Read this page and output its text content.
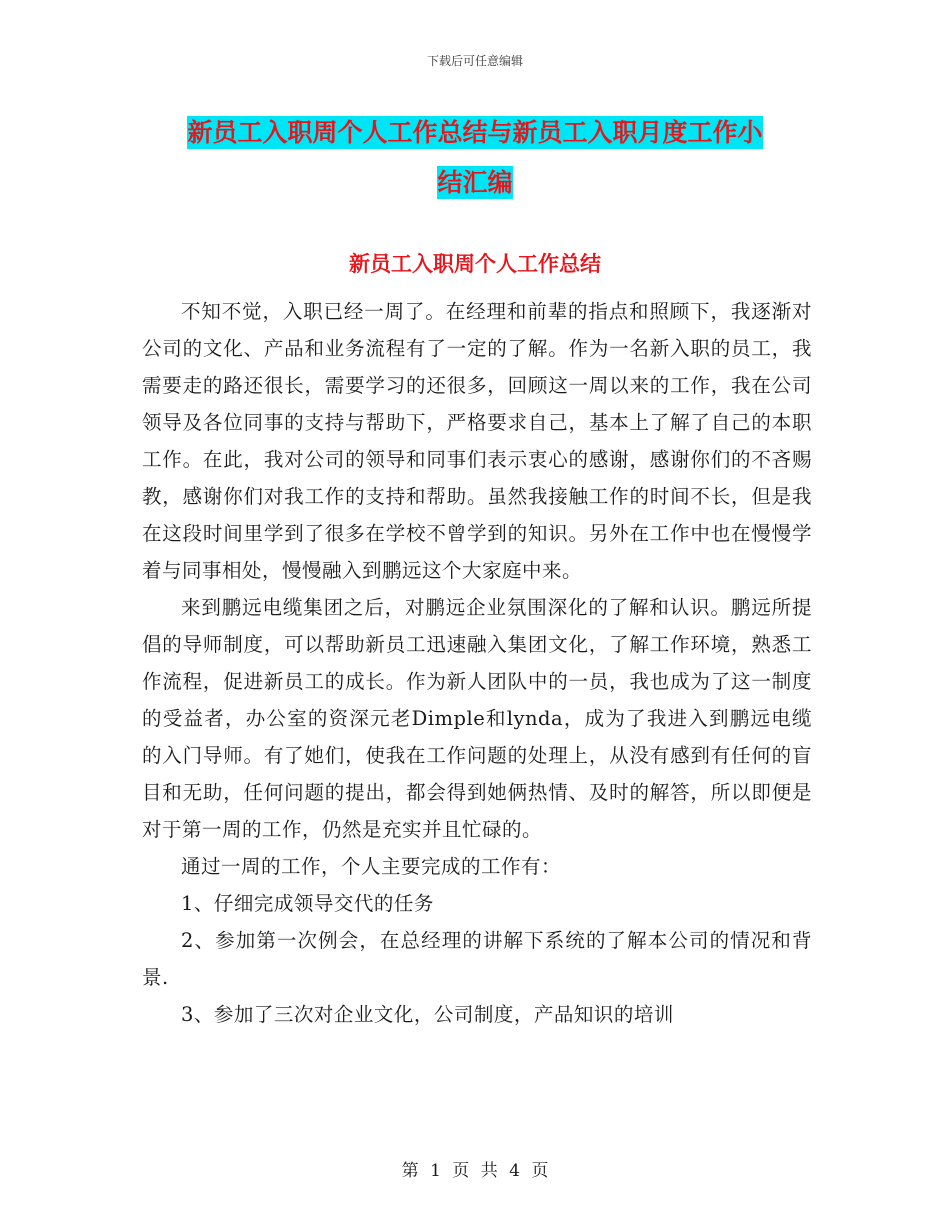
下载后可任意编辑
新员工入职周个人工作总结与新员工入职月度工作小
结汇编
新员工入职周个人工作总结

不知不觉，入职已经一周了。在经理和前辈的指点和照顾下，我逐渐对公司的文化、产品和业务流程有了一定的了解。作为一名新入职的员工，我需要走的路还很长，需要学习的还很多，回顾这一周以来的工作，我在公司领导及各位同事的支持与帮助下，严格要求自己，基本上了解了自己的本职工作。在此，我对公司的领导和同事们表示衷心的感谢，感谢你们的不吝赐教，感谢你们对我工作的支持和帮助。虽然我接触工作的时间不长，但是我在这段时间里学到了很多在学校不曾学到的知识。另外在工作中也在慢慢学着与同事相处，慢慢融入到鹏远这个大家庭中来。

来到鹏远电缆集团之后，对鹏远企业氛围深化的了解和认识。鹏远所提倡的导师制度，可以帮助新员工迅速融入集团文化，了解工作环境，熟悉工作流程，促进新员工的成长。作为新人团队中的一员，我也成为了这一制度的受益者，办公室的资深元老Dimple和lynda，成为了我进入到鹏远电缆的入门导师。有了她们，使我在工作问题的处理上，从没有感到有任何的盲目和无助，任何问题的提出，都会得到她俩热情、及时的解答，所以即便是对于第一周的工作，仍然是充实并且忙碌的。

通过一周的工作，个人主要完成的工作有：

1、仔细完成领导交代的任务

2、参加第一次例会，在总经理的讲解下系统的了解本公司的情况和背景.

3、参加了三次对企业文化，公司制度，产品知识的培训

第 1 页 共 4 页
